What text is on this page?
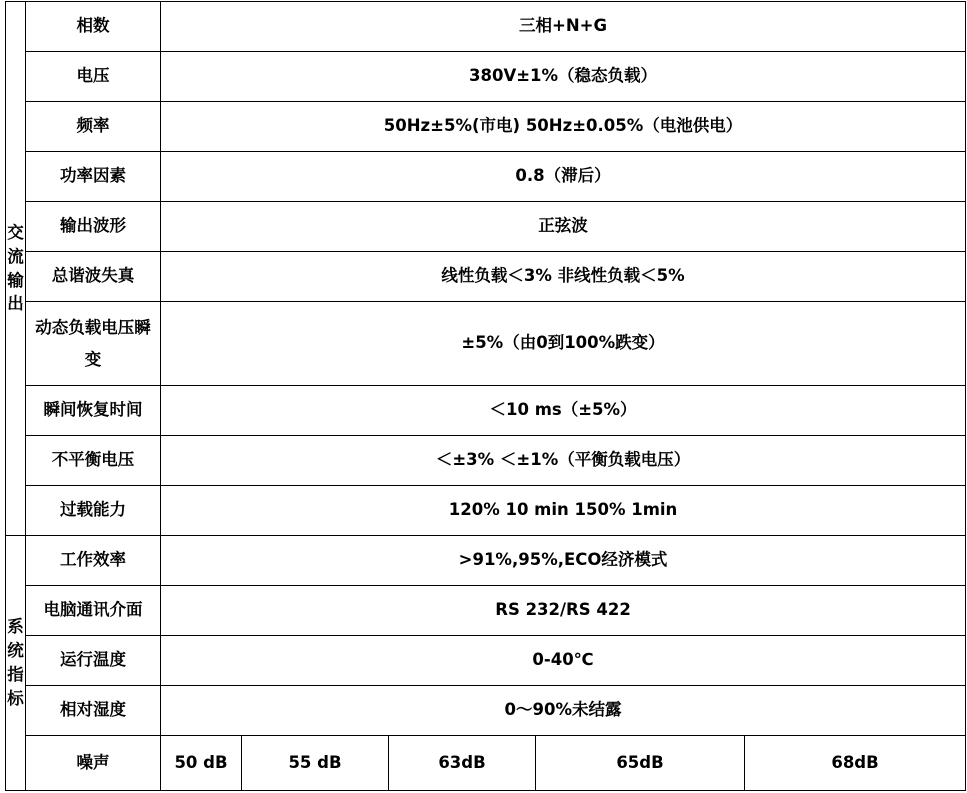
交流输出	相数	三相+N+G				
	电压	380V±1%（稳态负载）				
	频率	50Hz±5%(市电) 50Hz±0.05%（电池供电）				
	功率因素	0.8（滞后）				
	输出波形	正弦波				
	总谐波失真	线性负载＜3% 非线性负载＜5%				
	动态负载电压瞬变	±5%（由0到100%跌变）				
	瞬间恢复时间	＜10 ms（±5%）				
	不平衡电压	＜±3% ＜±1%（平衡负载电压）				
	过载能力	120% 10 min 150% 1min				

系统指标	工作效率	>91%,95%,ECO经济模式				
	电脑通讯介面	RS 232/RS 422				
	运行温度	0-40℃				
	相对湿度	0～90%未结露				
	噪声	50 dB	55 dB	63dB	65dB	68dB
